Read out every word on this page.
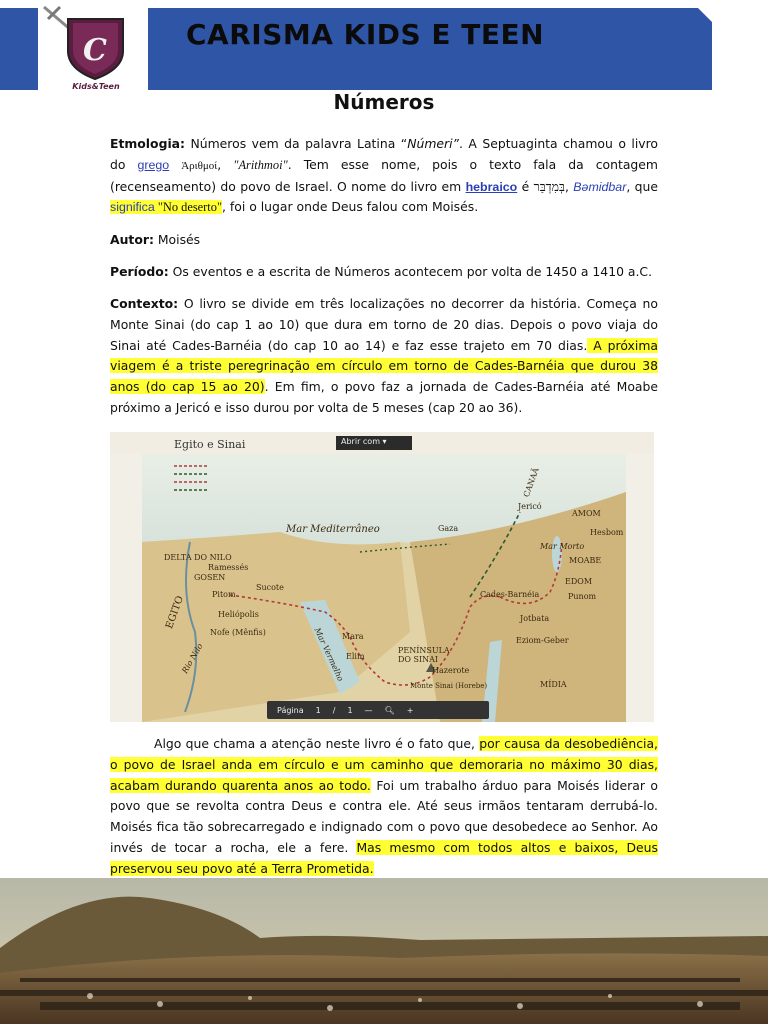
C
Kids&Teen
CARISMA KIDS E TEEN
Números
Etmologia: Números vem da palavra Latina “Númeri”. A Septuaginta chamou o livro do grego Ἀριθμοί, "Arithmoi". Tem esse nome, pois o texto fala da contagem (recenseamento) do povo de Israel. O nome do livro em hebraico é בְּמִדְבַּר, Bəmidbar, que significa "No deserto", foi o lugar onde Deus falou com Moisés.
Autor: Moisés
Período: Os eventos e a escrita de Números acontecem por volta de 1450 a 1410 a.C.
Contexto: O livro se divide em três localizações no decorrer da história. Começa no Monte Sinai (do cap 1 ao 10) que dura em torno de 20 dias. Depois o povo viaja do Sinai até Cades-Barnéia (do cap 10 ao 14) e faz esse trajeto em 70 dias. A próxima viagem é a triste peregrinação em círculo em torno de Cades-Barnéia que durou 38 anos (do cap 15 ao 20). Em fim, o povo faz a jornada de Cades-Barnéia até Moabe próximo a Jericó e isso durou por volta de 5 meses (cap 20 ao 36).
Egito e Sinai	Abrir com ▾
Mar Mediterrâneo
DELTA DO NILO
Ramessés
GOSEN
Sucote
Pitom
Heliópolis
Nofe (Mênfis)
EGITO
Rio Nilo
Gaza
Jericó
AMOM
Hesbom
Mar Morto
MOABE
EDOM
Cades-Barnéia	Punom
Jotbata
Eziom-Geber
Mara
Elim
PENÍNSULA DO SINAI
Hazerote
Monte Sinai (Horebe)	MÍDIA
Mar Vermelho
CANAÃ
Página 1 / 1 — 🔍︎ +
Algo que chama a atenção neste livro é o fato que, por causa da desobediência, o povo de Israel anda em círculo e um caminho que demoraria no máximo 30 dias, acabam durando quarenta anos ao todo. Foi um trabalho árduo para Moisés liderar o povo que se revolta contra Deus e contra ele. Até seus irmãos tentaram derrubá-lo. Moisés fica tão sobrecarregado e indignado com o povo que desobedece ao Senhor. Ao invés de tocar a rocha, ele a fere. Mas mesmo com todos altos e baixos, Deus preservou seu povo até a Terra Prometida.
